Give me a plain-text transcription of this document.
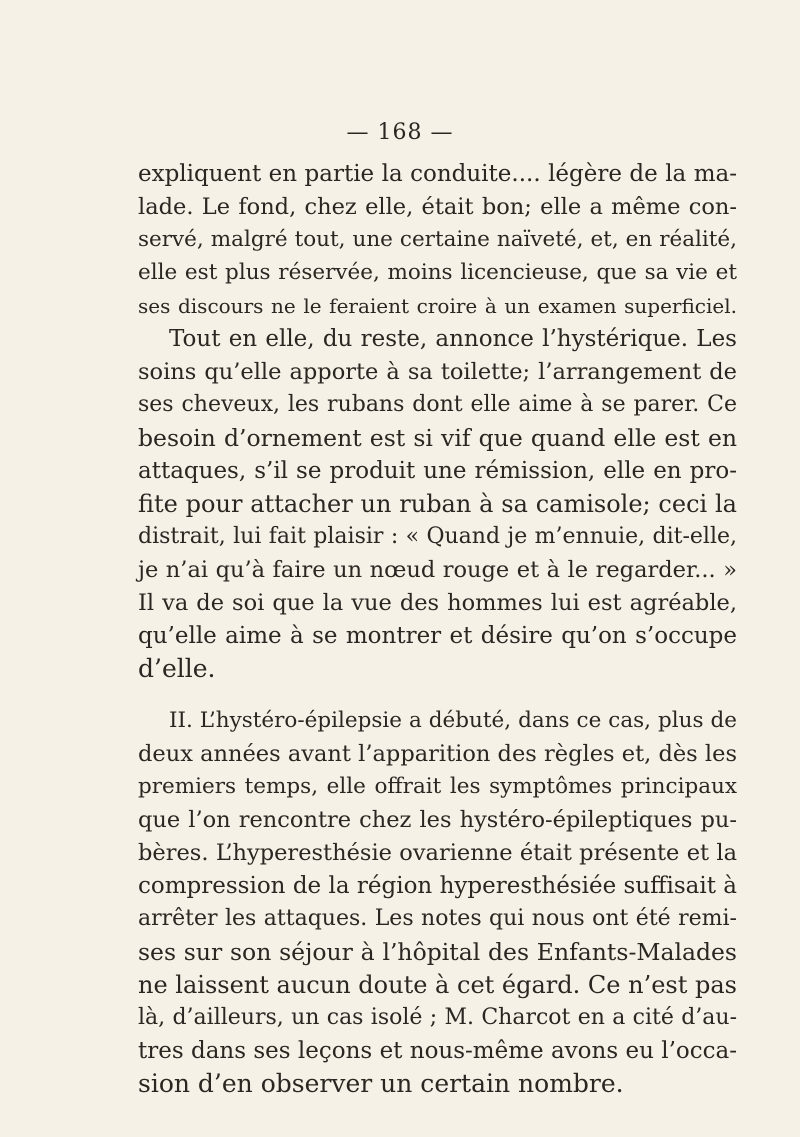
— 168 —
expliquent en partie la conduite.... légère de la ma-
lade. Le fond, chez elle, était bon; elle a même con-
servé, malgré tout, une certaine naïveté, et, en réalité,
elle est plus réservée, moins licencieuse, que sa vie et
ses discours ne le feraient croire à un examen superficiel.
Tout en elle, du reste, annonce l’hystérique. Les
soins qu’elle apporte à sa toilette; l’arrangement de
ses cheveux, les rubans dont elle aime à se parer. Ce
besoin d’ornement est si vif que quand elle est en
attaques, s’il se produit une rémission, elle en pro-
fite pour attacher un ruban à sa camisole; ceci la
distrait, lui fait plaisir : « Quand je m’ennuie, dit-elle,
je n’ai qu’à faire un nœud rouge et à le regarder... »
Il va de soi que la vue des hommes lui est agréable,
qu’elle aime à se montrer et désire qu’on s’occupe
d’elle.
II. L’hystéro-épilepsie a débuté, dans ce cas, plus de
deux années avant l’apparition des règles et, dès les
premiers temps, elle offrait les symptômes principaux
que l’on rencontre chez les hystéro-épileptiques pu-
bères. L’hyperesthésie ovarienne était présente et la
compression de la région hyperesthésiée suffisait à
arrêter les attaques. Les notes qui nous ont été remi-
ses sur son séjour à l’hôpital des Enfants-Malades
ne laissent aucun doute à cet égard. Ce n’est pas
là, d’ailleurs, un cas isolé ; M. Charcot en a cité d’au-
tres dans ses leçons et nous-même avons eu l’occa-
sion d’en observer un certain nombre.
